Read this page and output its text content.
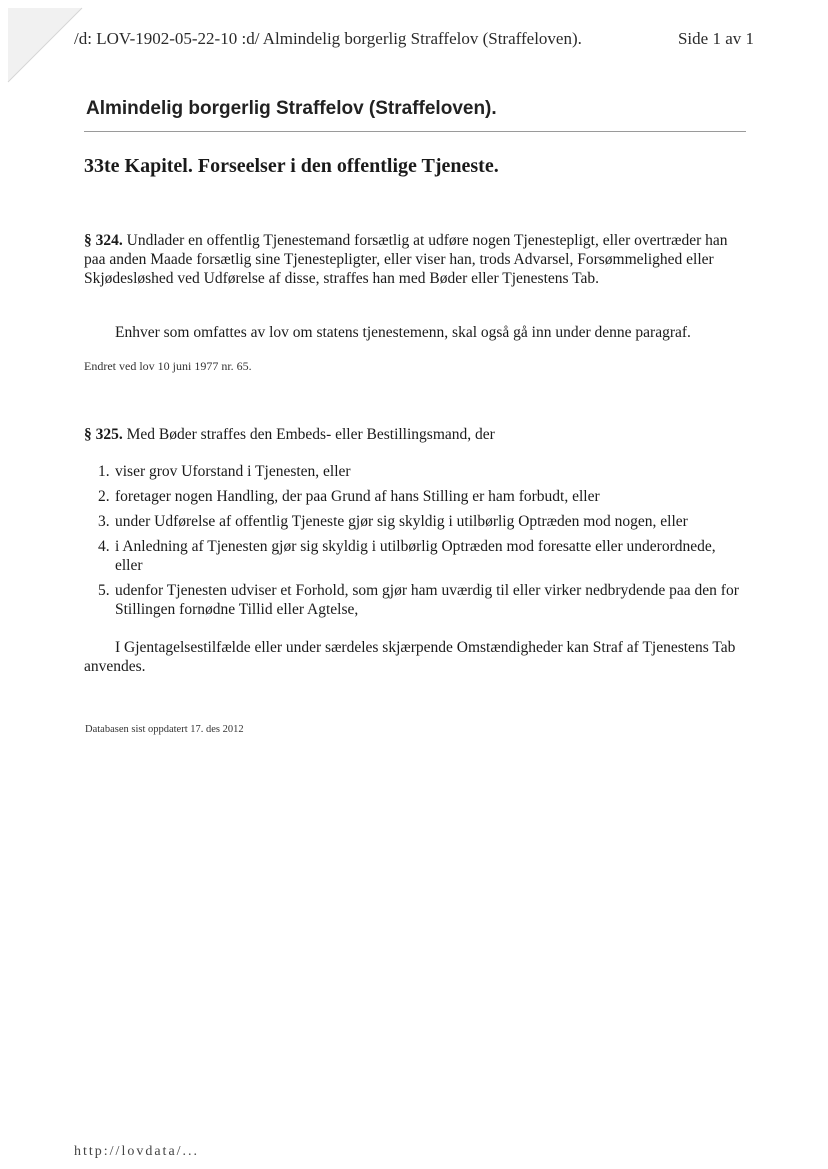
/d: LOV-1902-05-22-10 :d/ Almindelig borgerlig Straffelov (Straffeloven).	Side 1 av 1
Almindelig borgerlig Straffelov (Straffeloven).
33te Kapitel. Forseelser i den offentlige Tjeneste.

§ 324. Undlader en offentlig Tjenestemand forsætlig at udføre nogen Tjenestepligt, eller overtræder han paa anden Maade forsætlig sine Tjenestepligter, eller viser han, trods Advarsel, Forsømmelighed eller Skjødesløshed ved Udførelse af disse, straffes han med Bøder eller Tjenestens Tab.

Enhver som omfattes av lov om statens tjenestemenn, skal også gå inn under denne paragraf.

Endret ved lov 10 juni 1977 nr. 65.

§ 325. Med Bøder straffes den Embeds- eller Bestillingsmand, der

1. viser grov Uforstand i Tjenesten, eller
2. foretager nogen Handling, der paa Grund af hans Stilling er ham forbudt, eller
3. under Udførelse af offentlig Tjeneste gjør sig skyldig i utilbørlig Optræden mod nogen, eller
4. i Anledning af Tjenesten gjør sig skyldig i utilbørlig Optræden mod foresatte eller underordnede, eller
5. udenfor Tjenesten udviser et Forhold, som gjør ham uværdig til eller virker nedbrydende paa den for Stillingen fornødne Tillid eller Agtelse,

I Gjentagelsestilfælde eller under særdeles skjærpende Omstændigheder kan Straf af Tjenestens Tab anvendes.

Databasen sist oppdatert 17. des 2012
http://lovdata/...
